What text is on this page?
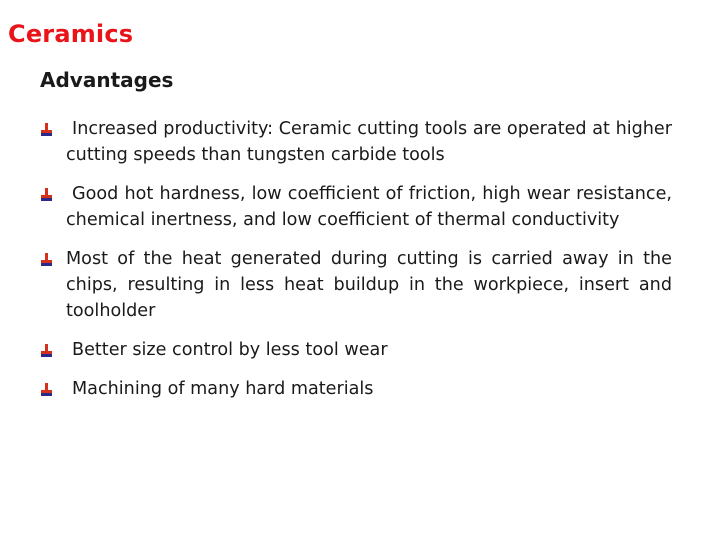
Ceramics
Advantages
Increased productivity: Ceramic cutting tools are operated at higher cutting speeds than tungsten carbide tools
Good hot hardness, low coefficient of friction, high wear resistance, chemical inertness, and low coefficient of thermal conductivity
Most of the heat generated during cutting is carried away in the chips, resulting in less heat buildup in the workpiece, insert and toolholder
Better size control by less tool wear
Machining of many hard materials
